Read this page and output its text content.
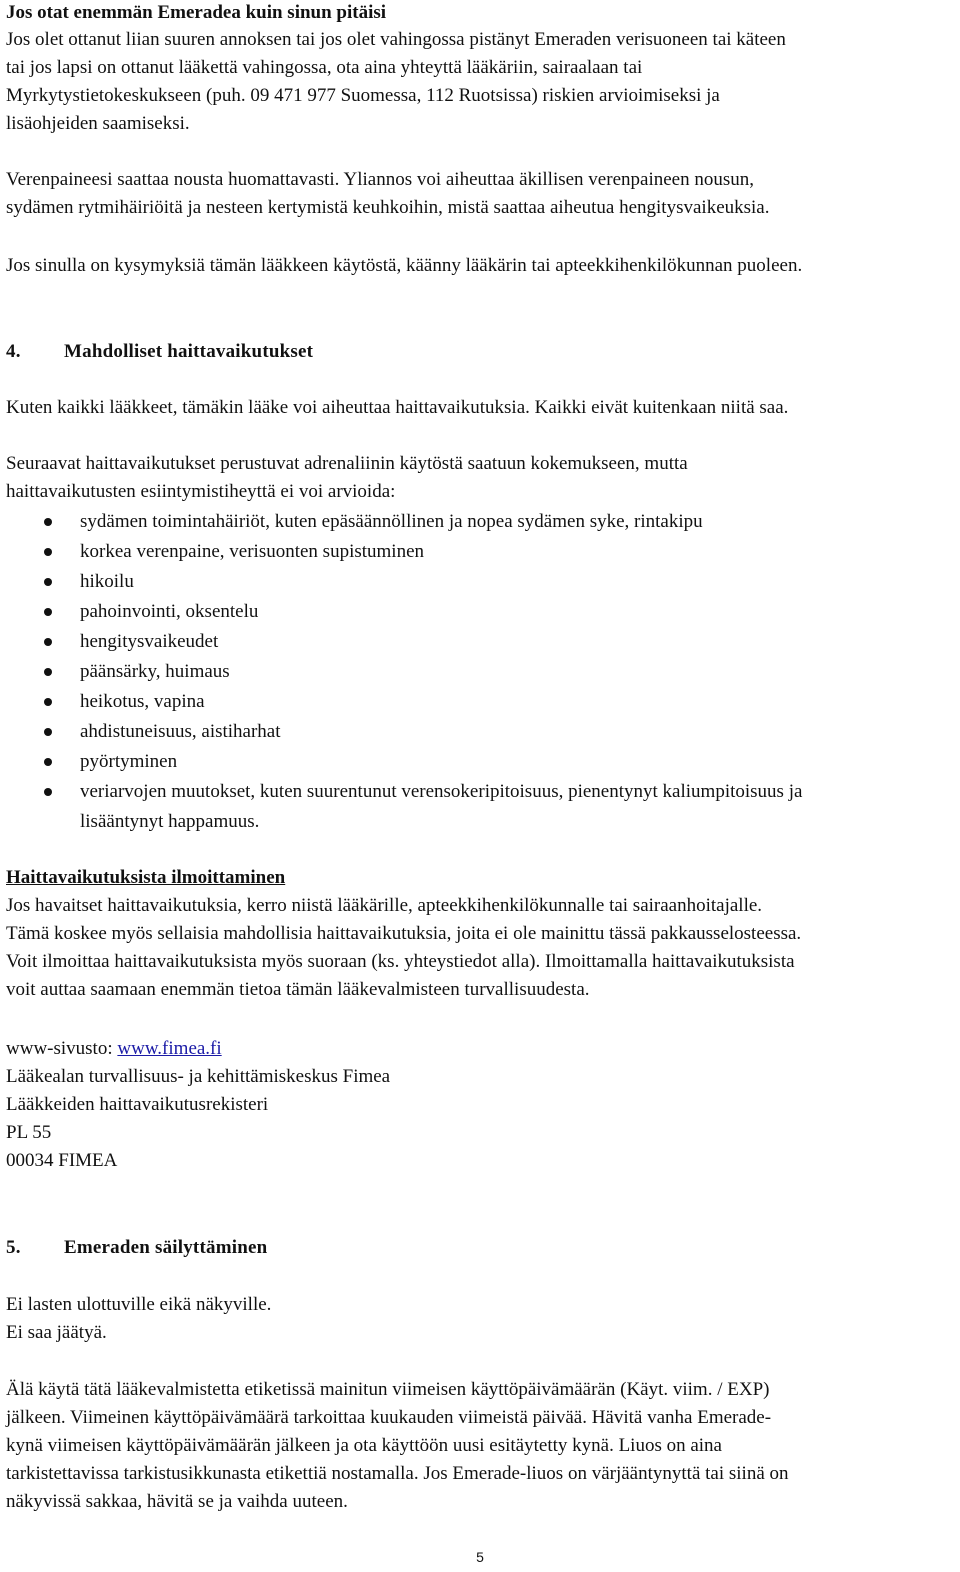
Jos otat enemmän Emeradea kuin sinun pitäisi

Jos olet ottanut liian suuren annoksen tai jos olet vahingossa pistänyt Emeraden verisuoneen tai käteen

tai jos lapsi on ottanut lääkettä vahingossa, ota aina yhteyttä lääkäriin, sairaalaan tai

Myrkytystietokeskukseen (puh. 09 471 977 Suomessa, 112 Ruotsissa) riskien arvioimiseksi ja

lisäohjeiden saamiseksi.

Verenpaineesi saattaa nousta huomattavasti. Yliannos voi aiheuttaa äkillisen verenpaineen nousun,

sydämen rytmihäiriöitä ja nesteen kertymistä keuhkoihin, mistä saattaa aiheutua hengitysvaikeuksia.

Jos sinulla on kysymyksiä tämän lääkkeen käytöstä, käänny lääkärin tai apteekkihenkilökunnan puoleen.

4. Mahdolliset haittavaikutukset

Kuten kaikki lääkkeet, tämäkin lääke voi aiheuttaa haittavaikutuksia. Kaikki eivät kuitenkaan niitä saa.

Seuraavat haittavaikutukset perustuvat adrenaliinin käytöstä saatuun kokemukseen, mutta

haittavaikutusten esiintymistiheyttä ei voi arvioida:

sydämen toimintahäiriöt, kuten epäsäännöllinen ja nopea sydämen syke, rintakipu
korkea verenpaine, verisuonten supistuminen
hikoilu
pahoinvointi, oksentelu
hengitysvaikeudet
päänsärky, huimaus
heikotus, vapina
ahdistuneisuus, aistiharhat
pyörtyminen
veriarvojen muutokset, kuten suurentunut verensokeripitoisuus, pienentynyt kaliumpitoisuus ja
lisääntynyt happamuus.

Haittavaikutuksista ilmoittaminen

Jos havaitset haittavaikutuksia, kerro niistä lääkärille, apteekkihenkilökunnalle tai sairaanhoitajalle.

Tämä koskee myös sellaisia mahdollisia haittavaikutuksia, joita ei ole mainittu tässä pakkausselosteessa.

Voit ilmoittaa haittavaikutuksista myös suoraan (ks. yhteystiedot alla). Ilmoittamalla haittavaikutuksista

voit auttaa saamaan enemmän tietoa tämän lääkevalmisteen turvallisuudesta.

www-sivusto: www.fimea.fi

Lääkealan turvallisuus- ja kehittämiskeskus Fimea

Lääkkeiden haittavaikutusrekisteri

PL 55

00034 FIMEA

5. Emeraden säilyttäminen

Ei lasten ulottuville eikä näkyville.

Ei saa jäätyä.

Älä käytä tätä lääkevalmistetta etiketissä mainitun viimeisen käyttöpäivämäärän (Käyt. viim. / EXP)

jälkeen. Viimeinen käyttöpäivämäärä tarkoittaa kuukauden viimeistä päivää. Hävitä vanha Emerade-

kynä viimeisen käyttöpäivämäärän jälkeen ja ota käyttöön uusi esitäytetty kynä. Liuos on aina

tarkistettavissa tarkistusikkunasta etikettiä nostamalla. Jos Emerade-liuos on värjääntynyttä tai siinä on

näkyvissä sakkaa, hävitä se ja vaihda uuteen.

5
